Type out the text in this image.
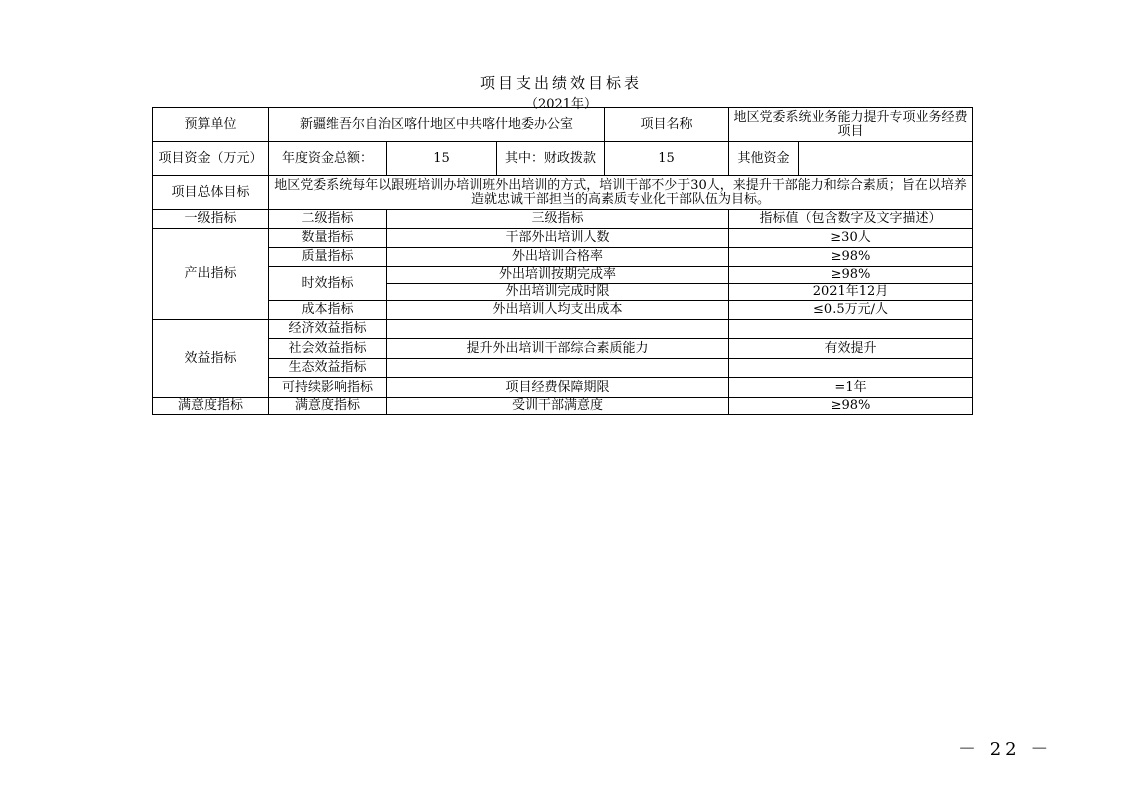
项目支出绩效目标表
（2021年）
预算单位	新疆维吾尔自治区喀什地区中共喀什地委办公室			项目名称	地区党委系统业务能力提升专项业务经费项目	
项目资金（万元）	年度资金总额：	15	其中：财政拨款	15	其他资金	
项目总体目标	地区党委系统每年以跟班培训办培训班外出培训的方式，培训干部不少于30人，来提升干部能力和综合素质；旨在以培养造就忠诚干部担当的高素质专业化干部队伍为目标。					
一级指标	二级指标	三级指标			指标值（包含数字及文字描述）	
产出指标	数量指标	干部外出培训人数			≥30人	
	质量指标	外出培训合格率			≥98%	
	时效指标	外出培训按期完成率			≥98%	
		外出培训完成时限			2021年12月	
	成本指标	外出培训人均支出成本			≤0.5万元/人	

效益指标	经济效益指标					
	社会效益指标	提升外出培训干部综合素质能力			有效提升	
	生态效益指标					
	可持续影响指标	项目经费保障期限			=1年	
满意度指标	满意度指标	受训干部满意度			≥98%	
－ 22 －
